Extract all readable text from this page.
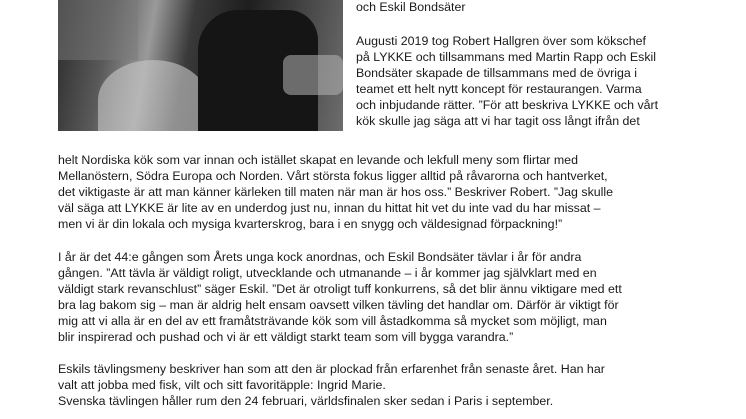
och Eskil Bondsäter

Augusti 2019 tog Robert Hallgren över som kökschef
på LYKKE och tillsammans med Martin Rapp och Eskil
Bondsäter skapade de tillsammans med de övriga i
teamet ett helt nytt koncept för restaurangen. Varma
och inbjudande rätter. ”För att beskriva LYKKE och vårt
kök skulle jag säga att vi har tagit oss långt ifrån det

helt Nordiska kök som var innan och istället skapat en levande och lekfull meny som flirtar med
Mellanöstern, Södra Europa och Norden. Vårt största fokus ligger alltid på råvarorna och hantverket,
det viktigaste är att man känner kärleken till maten när man är hos oss.” Beskriver Robert. ”Jag skulle
väl säga att LYKKE är lite av en underdog just nu, innan du hittat hit vet du inte vad du har missat –
men vi är din lokala och mysiga kvarterskrog, bara i en snygg och väldesignad förpackning!”

I år är det 44:e gången som Årets unga kock anordnas, och Eskil Bondsäter tävlar i år för andra
gången. ”Att tävla är väldigt roligt, utvecklande och utmanande – i år kommer jag självklart med en
väldigt stark revanschlust” säger Eskil. ”Det är otroligt tuff konkurrens, så det blir ännu viktigare med ett
bra lag bakom sig – man är aldrig helt ensam oavsett vilken tävling det handlar om. Därför är viktigt för
mig att vi alla är en del av ett framåtsträvande kök som vill åstadkomma så mycket som möjligt, man
blir inspirerad och pushad och vi är ett väldigt starkt team som vill bygga varandra.”

Eskils tävlingsmeny beskriver han som att den är plockad från erfarenhet från senaste året. Han har
valt att jobba med fisk, vilt och sitt favoritäpple: Ingrid Marie.
Svenska tävlingen håller rum den 24 februari, världsfinalen sker sedan i Paris i september.
